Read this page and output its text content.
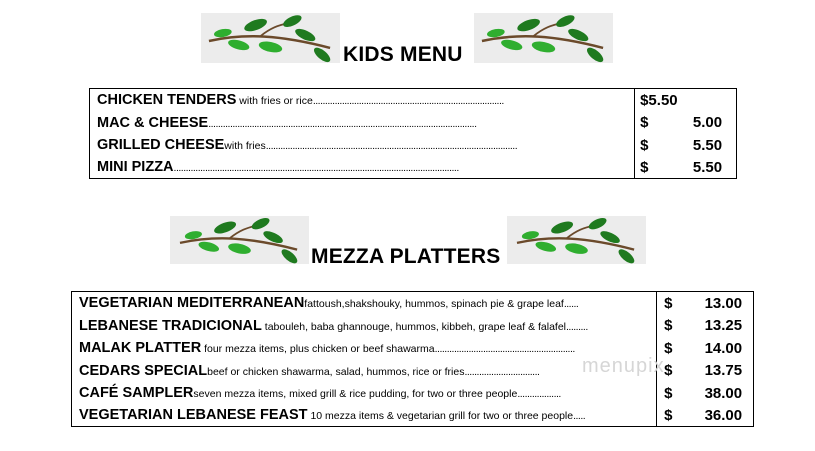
KIDS MENU
CHICKEN TENDERS with fries or rice...............................................................................	$5.50
MAC & CHEESE...............................................................................................................	$ 5.00
GRILLED CHEESEwith fries........................................................................................................	$ 5.50
MINI PIZZA......................................................................................................................	$ 5.50
MEZZA PLATTERS
VEGETARIAN MEDITERRANEANfattoush,shakshouky, hummos, spinach pie & grape leaf......	$ 13.00
LEBANESE TRADICIONAL tabouleh, baba ghannouge, hummos, kibbeh, grape leaf & falafel.........	$ 13.25
MALAK PLATTER four mezza items, plus chicken or beef shawarma..........................................................	$ 14.00
CEDARS SPECIALbeef or chicken shawarma, salad, hummos, rice or fries...............................	$ 13.75
CAFÉ SAMPLERseven mezza items, mixed grill & rice pudding, for two or three people..................	$ 38.00
VEGETARIAN LEBANESE FEAST 10 mezza items & vegetarian grill for two or three people.....	$ 36.00
menupix
